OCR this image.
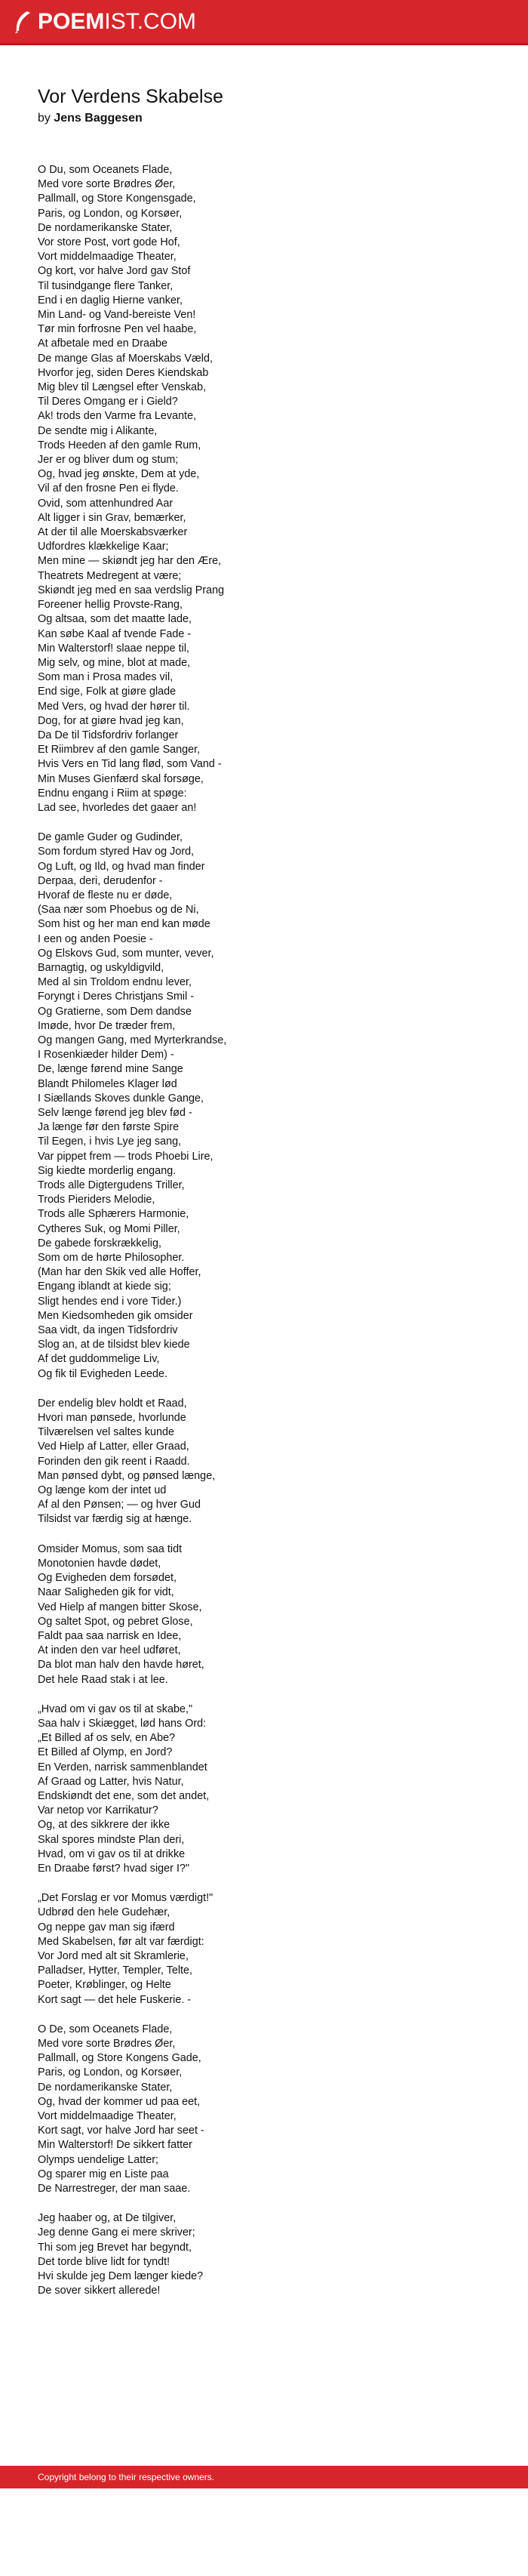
POEMIST.COM
Vor Verdens Skabelse
by Jens Baggesen
O Du, som Oceanets Flade,
Med vore sorte Brødres Øer,
Pallmall, og Store Kongensgade,
Paris, og London, og Korsøer,
De nordamerikanske Stater,
Vor store Post, vort gode Hof,
Vort middelmaadige Theater,
Og kort, vor halve Jord gav Stof
Til tusindgange flere Tanker,
End i en daglig Hierne vanker,
Min Land- og Vand-bereiste Ven!
Tør min forfrosne Pen vel haabe,
At afbetale med en Draabe
De mange Glas af Moerskabs Væld,
Hvorfor jeg, siden Deres Kiendskab
Mig blev til Længsel efter Venskab,
Til Deres Omgang er i Gield?
Ak! trods den Varme fra Levante,
De sendte mig i Alikante,
Trods Heeden af den gamle Rum,
Jer er og bliver dum og stum;
Og, hvad jeg ønskte, Dem at yde,
Vil af den frosne Pen ei flyde.
Ovid, som attenhundred Aar
Alt ligger i sin Grav, bemærker,
At der til alle Moerskabsværker
Udfordres klækkelige Kaar;
Men mine — skiøndt jeg har den Ære,
Theatrets Medregent at være;
Skiøndt jeg med en saa verdslig Prang
Foreener hellig Provste-Rang,
Og altsaa, som det maatte lade,
Kan søbe Kaal af tvende Fade -
Min Walterstorf! slaae neppe til,
Mig selv, og mine, blot at made,
Som man i Prosa mades vil,
End sige, Folk at giøre glade
Med Vers, og hvad der hører til.
Dog, for at giøre hvad jeg kan,
Da De til Tidsfordriv forlanger
Et Riimbrev af den gamle Sanger,
Hvis Vers en Tid lang flød, som Vand -
Min Muses Gienfærd skal forsøge,
Endnu engang i Riim at spøge:
Lad see, hvorledes det gaaer an!
De gamle Guder og Gudinder,
Som fordum styred Hav og Jord,
Og Luft, og Ild, og hvad man finder
Derpaa, deri, derudenfor -
Hvoraf de fleste nu er døde,
(Saa nær som Phoebus og de Ni,
Som hist og her man end kan møde
I een og anden Poesie -
Og Elskovs Gud, som munter, vever,
Barnagtig, og uskyldigvild,
Med al sin Troldom endnu lever,
Foryngt i Deres Christjans Smil -
Og Gratierne, som Dem dandse
Imøde, hvor De træder frem,
Og mangen Gang, med Myrterkrandse,
I Rosenkiæder hilder Dem) -
De, længe førend mine Sange
Blandt Philomeles Klager lød
I Siællands Skoves dunkle Gange,
Selv længe førend jeg blev fød -
Ja længe før den første Spire
Til Eegen, i hvis Lye jeg sang,
Var pippet frem — trods Phoebi Lire,
Sig kiedte morderlig engang.
Trods alle Digtergudens Triller,
Trods Pieriders Melodie,
Trods alle Sphærers Harmonie,
Cytheres Suk, og Momi Piller,
De gabede forskrækkelig,
Som om de hørte Philosopher.
(Man har den Skik ved alle Hoffer,
Engang iblandt at kiede sig;
Sligt hendes end i vore Tider.)
Men Kiedsomheden gik omsider
Saa vidt, da ingen Tidsfordriv
Slog an, at de tilsidst blev kiede
Af det guddommelige Liv,
Og fik til Evigheden Leede.
Der endelig blev holdt et Raad,
Hvori man pønsede, hvorlunde
Tilværelsen vel saltes kunde
Ved Hielp af Latter, eller Graad,
Forinden den gik reent i Raadd.
Man pønsed dybt, og pønsed længe,
Og længe kom der intet ud
Af al den Pønsen; — og hver Gud
Tilsidst var færdig sig at hænge.
Omsider Momus, som saa tidt
Monotonien havde dødet,
Og Evigheden dem forsødet,
Naar Saligheden gik for vidt,
Ved Hielp af mangen bitter Skose,
Og saltet Spot, og pebret Glose,
Faldt paa saa narrisk en Idee,
At inden den var heel udføret,
Da blot man halv den havde høret,
Det hele Raad stak i at lee.
„Hvad om vi gav os til at skabe,"
Saa halv i Skiægget, lød hans Ord:
„Et Billed af os selv, en Abe?
Et Billed af Olymp, en Jord?
En Verden, narrisk sammenblandet
Af Graad og Latter, hvis Natur,
Endskiøndt det ene, som det andet,
Var netop vor Karrikatur?
Og, at des sikkrere der ikke
Skal spores mindste Plan deri,
Hvad, om vi gav os til at drikke
En Draabe først? hvad siger I?"
„Det Forslag er vor Momus værdigt!"
Udbrød den hele Gudehær,
Og neppe gav man sig ifærd
Med Skabelsen, før alt var færdigt:
Vor Jord med alt sit Skramlerie,
Palladser, Hytter, Templer, Telte,
Poeter, Krøblinger, og Helte
Kort sagt — det hele Fuskerie. -
O De, som Oceanets Flade,
Med vore sorte Brødres Øer,
Pallmall, og Store Kongens Gade,
Paris, og London, og Korsøer,
De nordamerikanske Stater,
Og, hvad der kommer ud paa eet,
Vort middelmaadige Theater,
Kort sagt, vor halve Jord har seet -
Min Walterstorf! De sikkert fatter
Olymps uendelige Latter;
Og sparer mig en Liste paa
De Narrestreger, der man saae.
Jeg haaber og, at De tilgiver,
Jeg denne Gang ei mere skriver;
Thi som jeg Brevet har begyndt,
Det torde blive lidt for tyndt!
Hvi skulde jeg Dem længer kiede?
De sover sikkert allerede!
Copyright belong to their respective owners.
